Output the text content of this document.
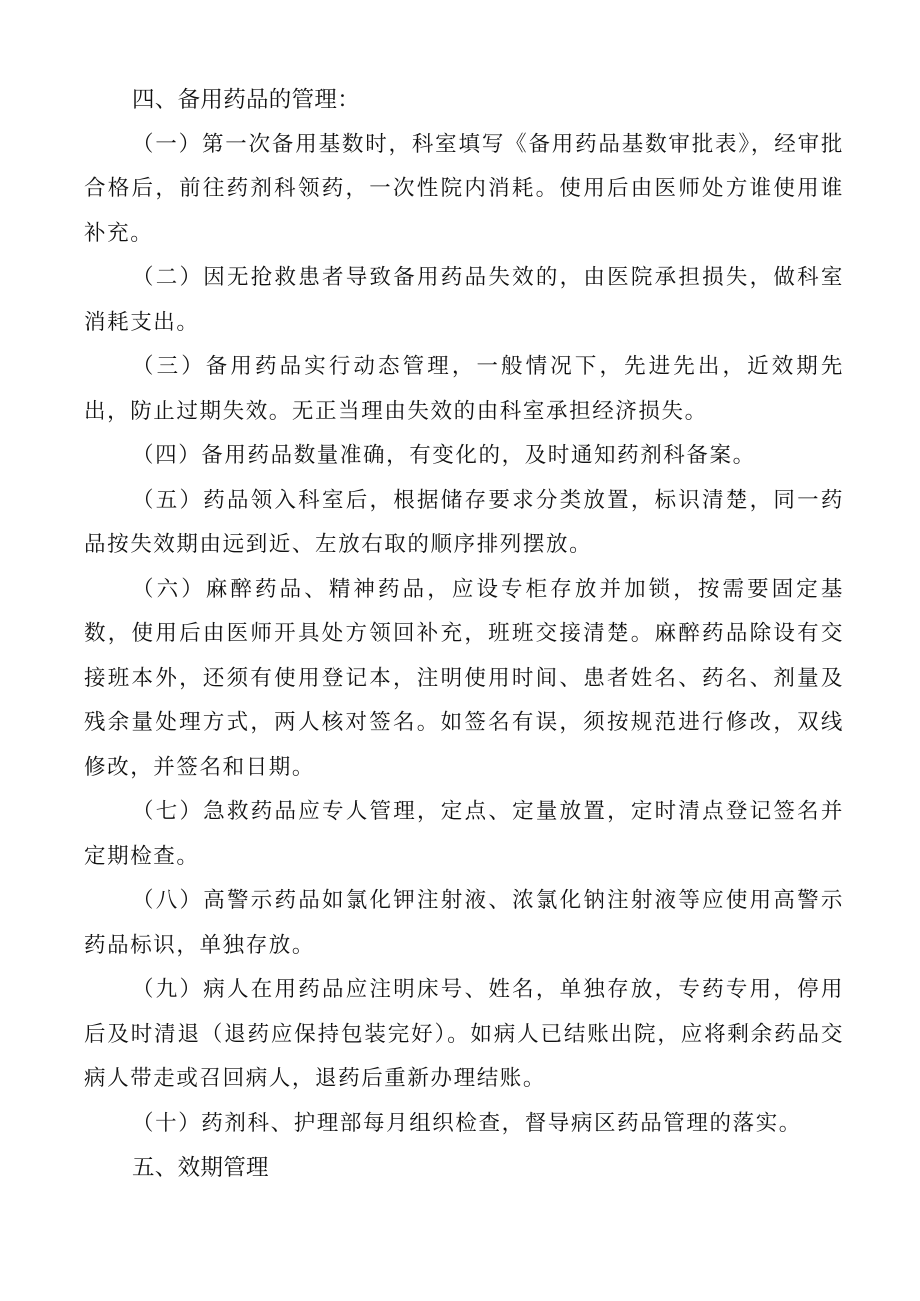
四、备用药品的管理：

（一）第一次备用基数时，科室填写《备用药品基数审批表》，经审批合格后，前往药剂科领药，一次性院内消耗。使用后由医师处方谁使用谁补充。

（二）因无抢救患者导致备用药品失效的，由医院承担损失，做科室消耗支出。

（三）备用药品实行动态管理，一般情况下，先进先出，近效期先出，防止过期失效。无正当理由失效的由科室承担经济损失。

（四）备用药品数量准确，有变化的，及时通知药剂科备案。

（五）药品领入科室后，根据储存要求分类放置，标识清楚，同一药品按失效期由远到近、左放右取的顺序排列摆放。

（六）麻醉药品、精神药品，应设专柜存放并加锁，按需要固定基数，使用后由医师开具处方领回补充，班班交接清楚。麻醉药品除设有交接班本外，还须有使用登记本，注明使用时间、患者姓名、药名、剂量及残余量处理方式，两人核对签名。如签名有误，须按规范进行修改，双线修改，并签名和日期。

（七）急救药品应专人管理，定点、定量放置，定时清点登记签名并定期检查。

（八）高警示药品如氯化钾注射液、浓氯化钠注射液等应使用高警示药品标识，单独存放。

（九）病人在用药品应注明床号、姓名，单独存放，专药专用，停用后及时清退（退药应保持包装完好）。如病人已结账出院，应将剩余药品交病人带走或召回病人，退药后重新办理结账。

（十）药剂科、护理部每月组织检查，督导病区药品管理的落实。

五、效期管理
